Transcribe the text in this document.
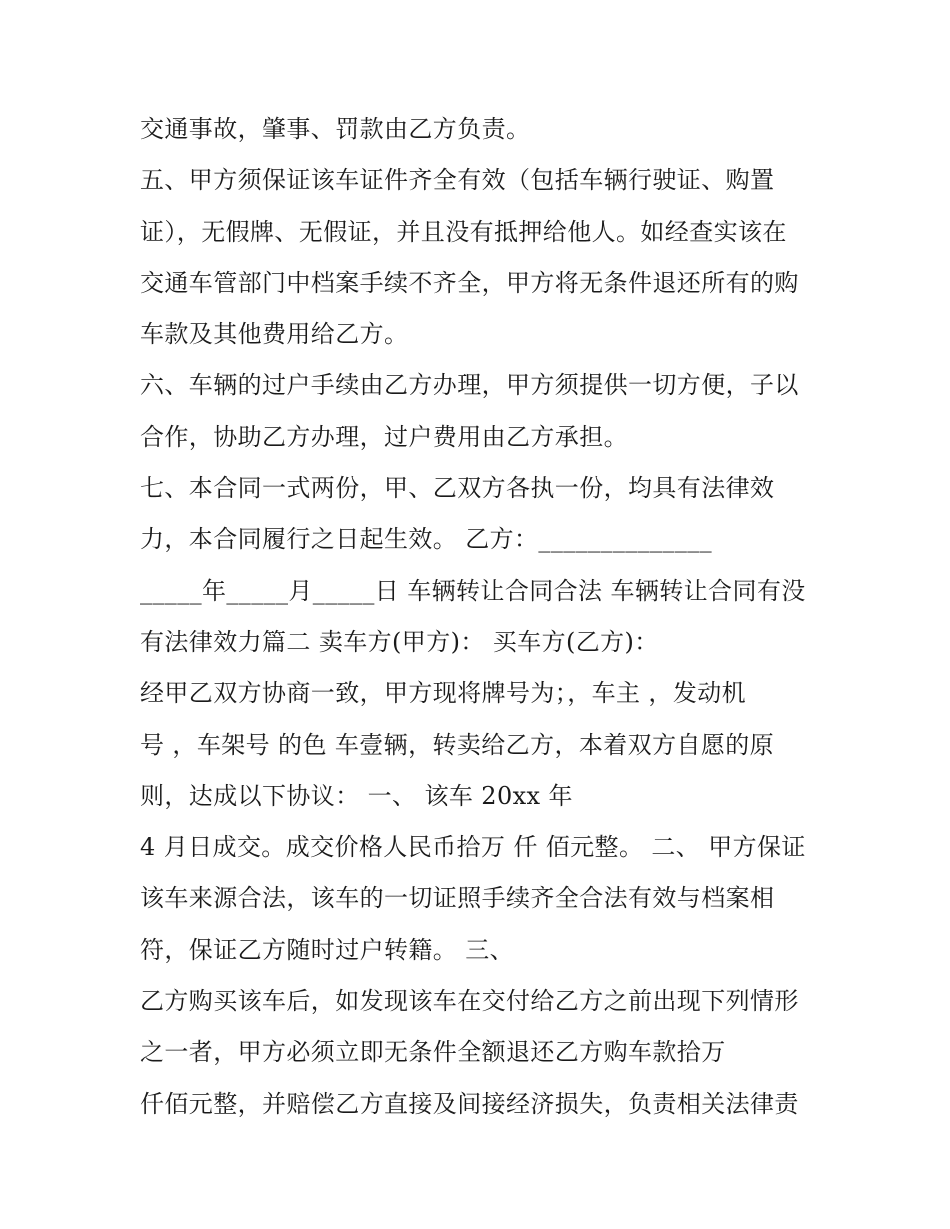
交通事故，肇事、罚款由乙方负责。
五、甲方须保证该车证件齐全有效（包括车辆行驶证、购置
证），无假牌、无假证，并且没有抵押给他人。如经查实该在
交通车管部门中档案手续不齐全，甲方将无条件退还所有的购
车款及其他费用给乙方。
六、车辆的过户手续由乙方办理，甲方须提供一切方便，子以
合作，协助乙方办理，过户费用由乙方承担。
七、本合同一式两份，甲、乙双方各执一份，均具有法律效
力，本合同履行之日起生效。 乙方：______________
_____年_____月_____日 车辆转让合同合法 车辆转让合同有没
有法律效力篇二 卖车方(甲方)： 买车方(乙方)：
经甲乙双方协商一致，甲方现将牌号为；，车主 ，发动机
号 ，车架号 的色 车壹辆，转卖给乙方，本着双方自愿的原
则，达成以下协议： 一、 该车 20xx 年
4 月日成交。成交价格人民币拾万 仟 佰元整。 二、 甲方保证
该车来源合法，该车的一切证照手续齐全合法有效与档案相
符，保证乙方随时过户转籍。 三、
乙方购买该车后，如发现该车在交付给乙方之前出现下列情形
之一者，甲方必须立即无条件全额退还乙方购车款拾万
仟佰元整，并赔偿乙方直接及间接经济损失，负责相关法律责
